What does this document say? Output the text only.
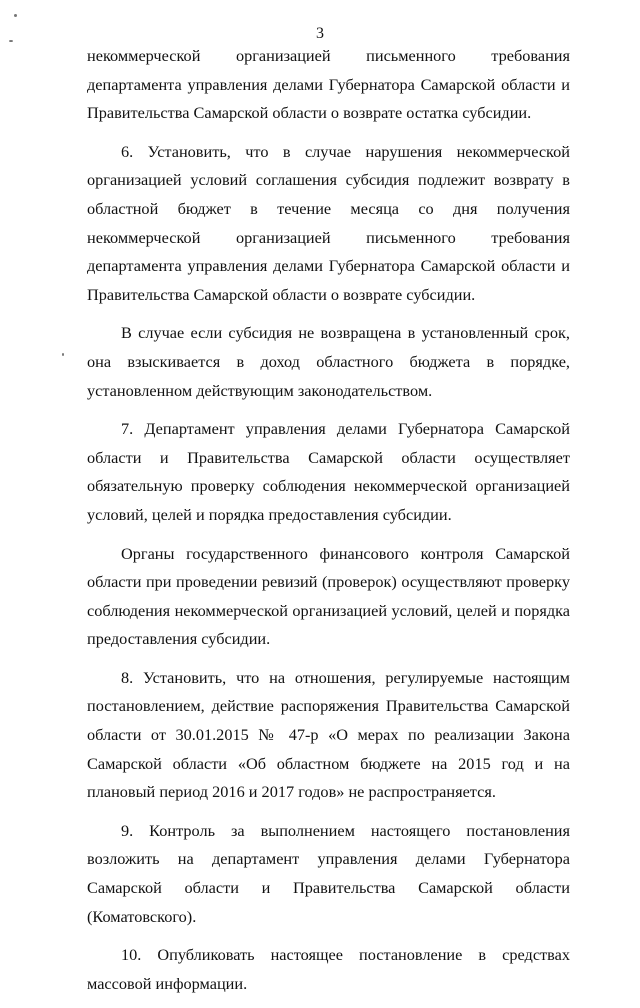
3

некоммерческой организацией письменного требования департамента управления делами Губернатора Самарской области и Правительства Самарской области о возврате остатка субсидии.

6. Установить, что в случае нарушения некоммерческой организацией условий соглашения субсидия подлежит возврату в областной бюджет в течение месяца со дня получения некоммерческой организацией письменного требования департамента управления делами Губернатора Самарской области и Правительства Самарской области о возврате субсидии.

В случае если субсидия не возвращена в установленный срок, она взыскивается в доход областного бюджета в порядке, установленном действующим законодательством.

7. Департамент управления делами Губернатора Самарской области и Правительства Самарской области осуществляет обязательную проверку соблюдения некоммерческой организацией условий, целей и порядка предоставления субсидии.

Органы государственного финансового контроля Самарской области при проведении ревизий (проверок) осуществляют проверку соблюдения некоммерческой организацией условий, целей и порядка предоставления субсидии.

8. Установить, что на отношения, регулируемые настоящим постановлением, действие распоряжения Правительства Самарской области от 30.01.2015 № 47-р «О мерах по реализации Закона Самарской области «Об областном бюджете на 2015 год и на плановый период 2016 и 2017 годов» не распространяется.

9. Контроль за выполнением настоящего постановления возложить на департамент управления делами Губернатора Самарской области и Правительства Самарской области (Коматовского).

10. Опубликовать настоящее постановление в средствах массовой информации.
